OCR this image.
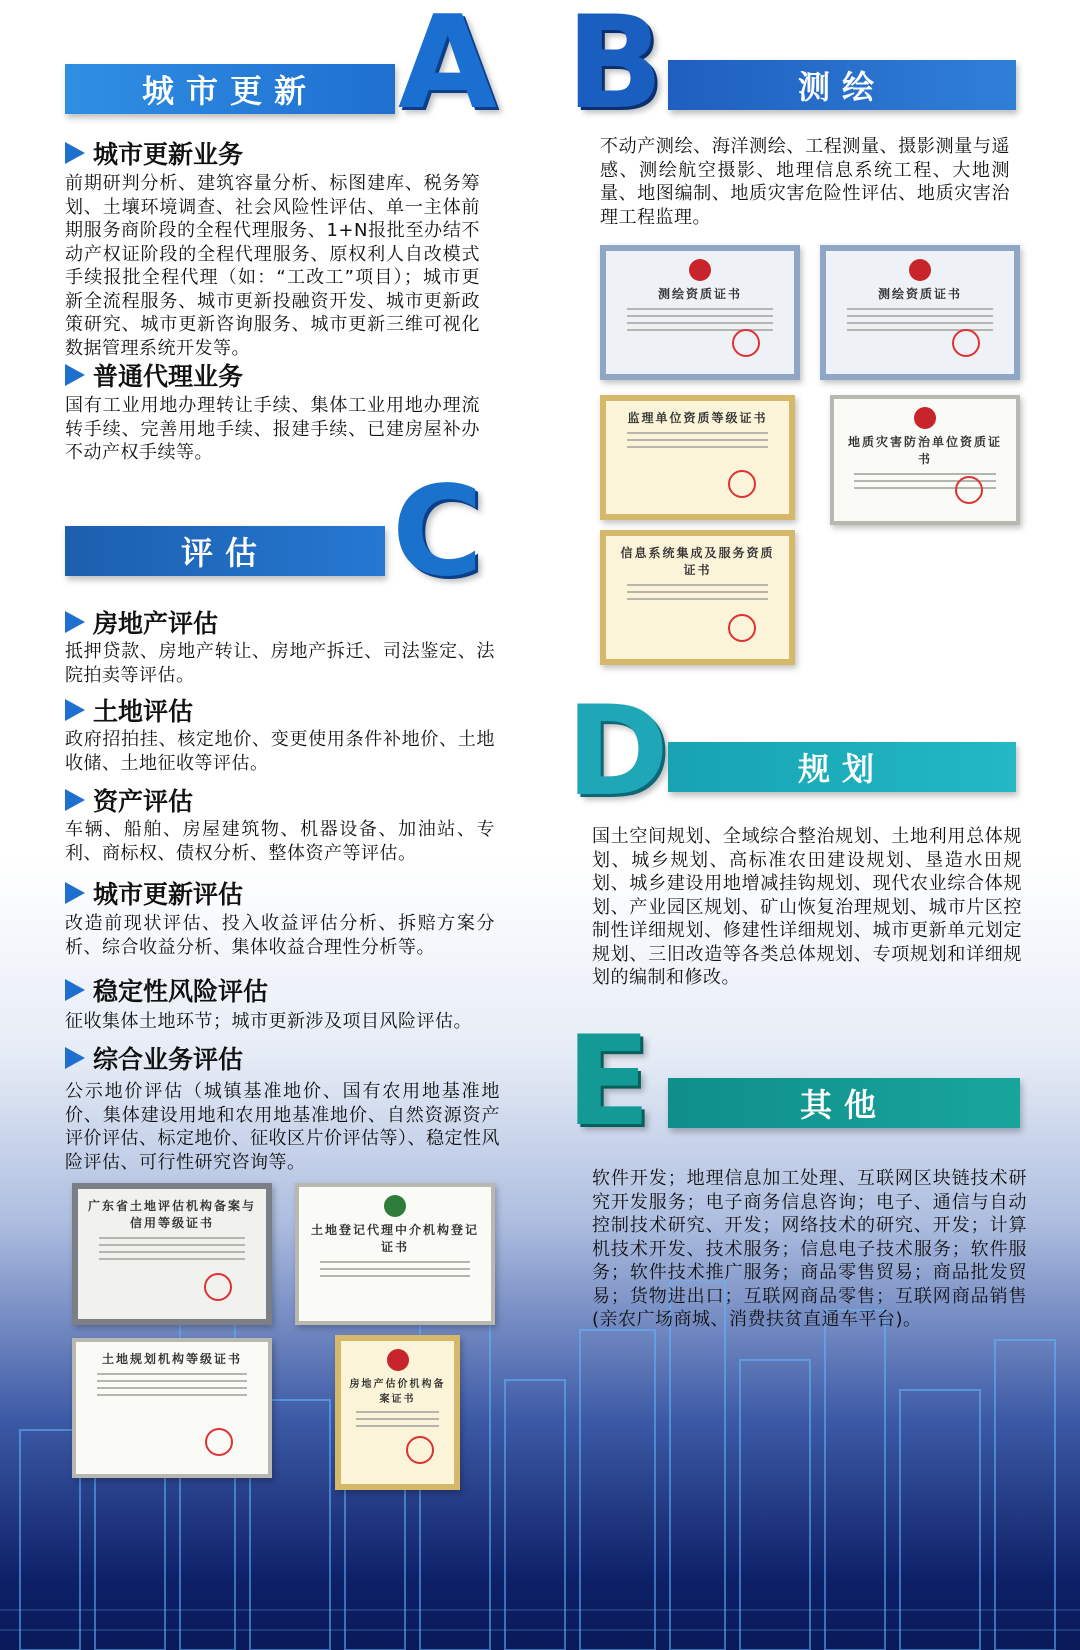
A
城市更新
城市更新业务
前期研判分析、建筑容量分析、标图建库、税务筹划、土壤环境调查、社会风险性评估、单一主体前期服务商阶段的全程代理服务、1+N报批至办结不动产权证阶段的全程代理服务、原权利人自改模式手续报批全程代理（如：“工改工”项目）；城市更新全流程服务、城市更新投融资开发、城市更新政策研究、城市更新咨询服务、城市更新三维可视化数据管理系统开发等。
普通代理业务
国有工业用地办理转让手续、集体工业用地办理流转手续、完善用地手续、报建手续、已建房屋补办不动产权手续等。
B	测绘
不动产测绘、海洋测绘、工程测量、摄影测量与遥感、测绘航空摄影、地理信息系统工程、大地测量、地图编制、地质灾害危险性评估、地质灾害治理工程监理。
测绘资质证书	测绘资质证书
监理单位资质等级证书
地质灾害防治单位资质证书
信息系统集成及服务资质证书
C
评估
房地产评估
抵押贷款、房地产转让、房地产拆迁、司法鉴定、法院拍卖等评估。
土地评估
政府招拍挂、核定地价、变更使用条件补地价、土地收储、土地征收等评估。
资产评估
车辆、船舶、房屋建筑物、机器设备、加油站、专利、商标权、债权分析、整体资产等评估。
城市更新评估
改造前现状评估、投入收益评估分析、拆赔方案分析、综合收益分析、集体收益合理性分析等。
稳定性风险评估
征收集体土地环节；城市更新涉及项目风险评估。
综合业务评估
公示地价评估（城镇基准地价、国有农用地基准地价、集体建设用地和农用地基准地价、自然资源资产评价评估、标定地价、征收区片价评估等）、稳定性风险评估、可行性研究咨询等。
广东省土地评估机构备案与信用等级证书	土地登记代理中介机构登记证书
土地规划机构等级证书
房地产估价机构备案证书
D	规划
国土空间规划、全域综合整治规划、土地利用总体规划、城乡规划、高标准农田建设规划、垦造水田规划、城乡建设用地增减挂钩规划、现代农业综合体规划、产业园区规划、矿山恢复治理规划、城市片区控制性详细规划、修建性详细规划、城市更新单元划定规划、三旧改造等各类总体规划、专项规划和详细规划的编制和修改。
E	其他
软件开发；地理信息加工处理、互联网区块链技术研究开发服务；电子商务信息咨询；电子、通信与自动控制技术研究、开发；网络技术的研究、开发；计算机技术开发、技术服务；信息电子技术服务；软件服务；软件技术推广服务；商品零售贸易；商品批发贸易；货物进出口；互联网商品零售；互联网商品销售(亲农广场商城、消费扶贫直通车平台)。
